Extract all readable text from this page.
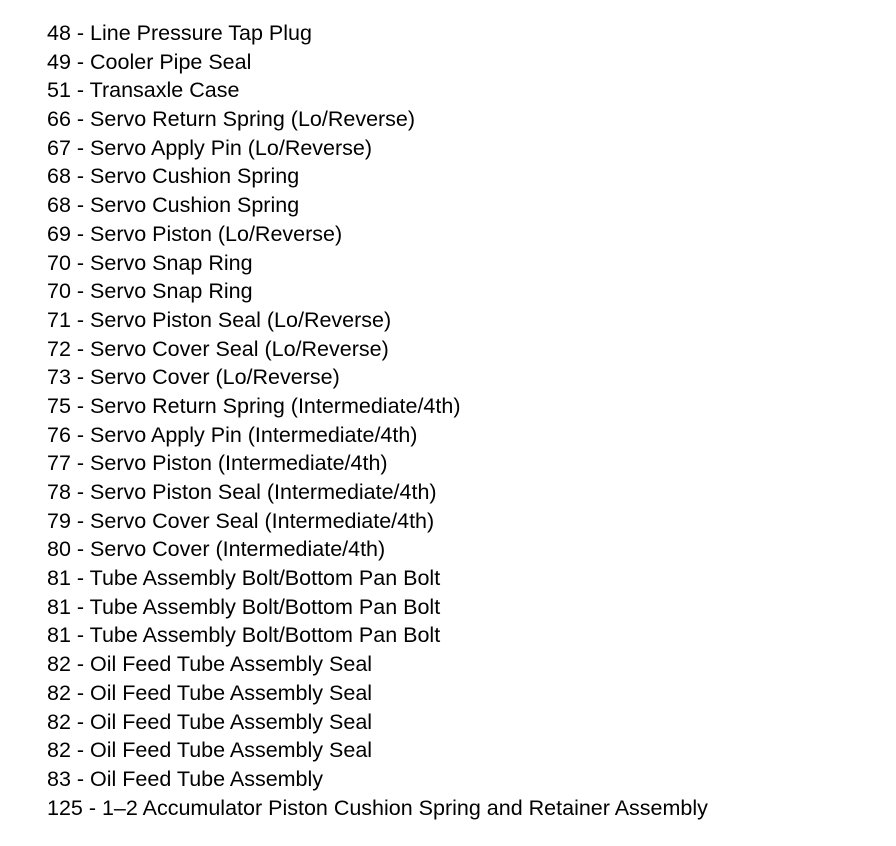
48 - Line Pressure Tap Plug
49 - Cooler Pipe Seal
51 - Transaxle Case
66 - Servo Return Spring (Lo/Reverse)
67 - Servo Apply Pin (Lo/Reverse)
68 - Servo Cushion Spring
68 - Servo Cushion Spring
69 - Servo Piston (Lo/Reverse)
70 - Servo Snap Ring
70 - Servo Snap Ring
71 - Servo Piston Seal (Lo/Reverse)
72 - Servo Cover Seal (Lo/Reverse)
73 - Servo Cover (Lo/Reverse)
75 - Servo Return Spring (Intermediate/4th)
76 - Servo Apply Pin (Intermediate/4th)
77 - Servo Piston (Intermediate/4th)
78 - Servo Piston Seal (Intermediate/4th)
79 - Servo Cover Seal (Intermediate/4th)
80 - Servo Cover (Intermediate/4th)
81 - Tube Assembly Bolt/Bottom Pan Bolt
81 - Tube Assembly Bolt/Bottom Pan Bolt
81 - Tube Assembly Bolt/Bottom Pan Bolt
82 - Oil Feed Tube Assembly Seal
82 - Oil Feed Tube Assembly Seal
82 - Oil Feed Tube Assembly Seal
82 - Oil Feed Tube Assembly Seal
83 - Oil Feed Tube Assembly
125 - 1–2 Accumulator Piston Cushion Spring and Retainer Assembly
